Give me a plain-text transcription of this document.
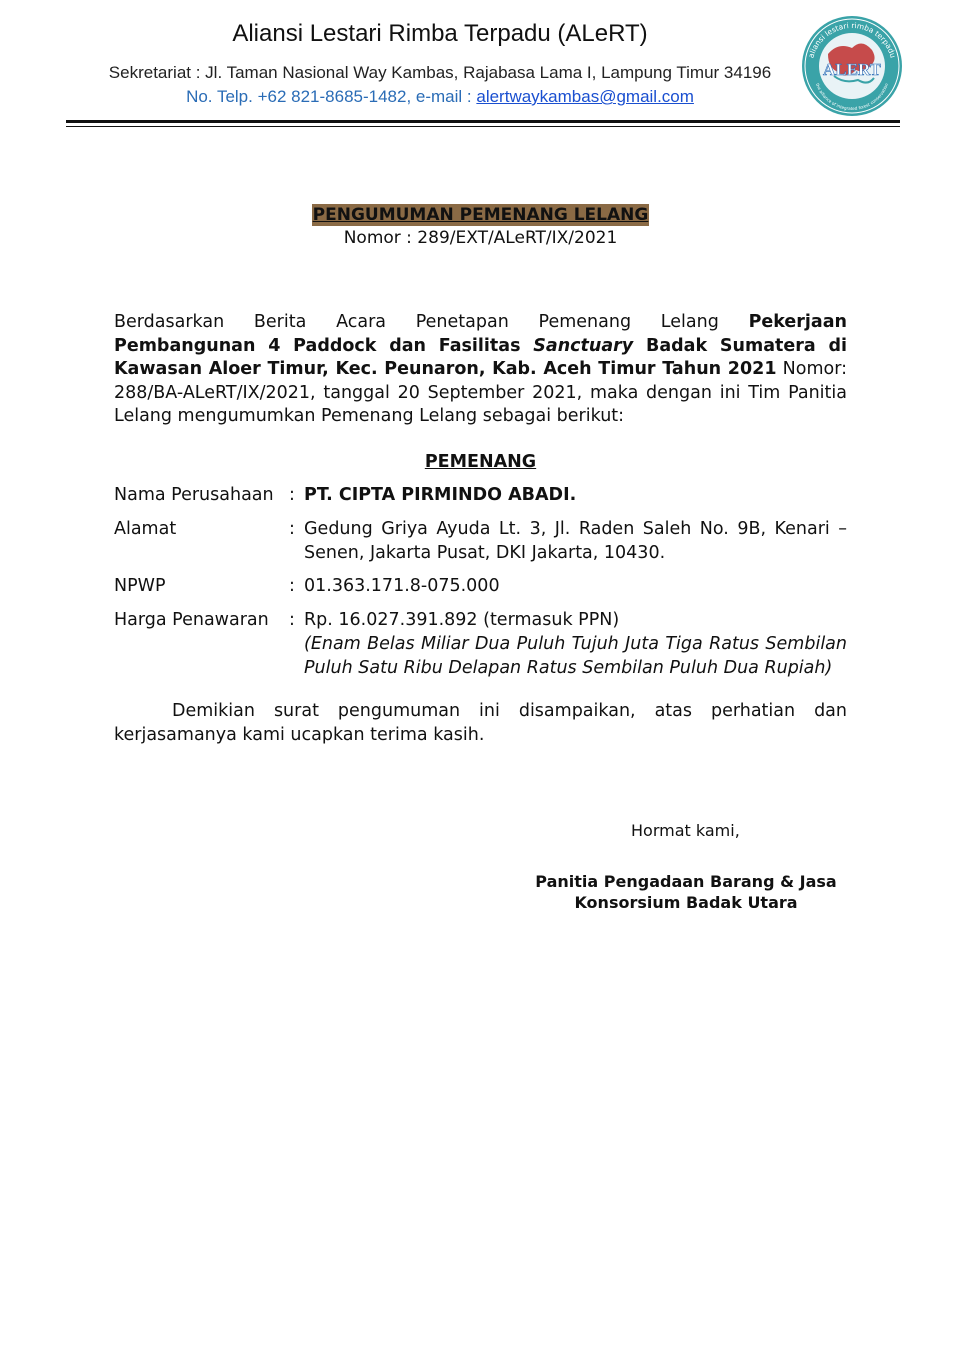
Aliansi Lestari Rimba Terpadu (ALeRT)
Sekretariat : Jl. Taman Nasional Way Kambas, Rajabasa Lama I, Lampung Timur 34196
No. Telp. +62 821-8685-1482, e-mail : alertwaykambas@gmail.com
ALERT
aliansi lestari rimba terpadu
the alliance of integrated forest conservation
PENGUMUMAN PEMENANG LELANG
Nomor : 289/EXT/ALeRT/IX/2021
Berdasarkan Berita Acara Penetapan Pemenang Lelang Pekerjaan Pembangunan 4 Paddock dan Fasilitas Sanctuary Badak Sumatera di Kawasan Aloer Timur, Kec. Peunaron, Kab. Aceh Timur Tahun 2021 Nomor: 288/BA-ALeRT/IX/2021, tanggal 20 September 2021, maka dengan ini Tim Panitia Lelang mengumumkan Pemenang Lelang sebagai berikut:
PEMENANG
Nama Perusahaan : PT. CIPTA PIRMINDO ABADI.
Alamat	: Gedung Griya Ayuda Lt. 3, Jl. Raden Saleh No. 9B, Kenari – Senen, Jakarta Pusat, DKI Jakarta, 10430.
NPWP	: 01.363.171.8-075.000
Harga Penawaran	: Rp. 16.027.391.892 (termasuk PPN)
(Enam Belas Miliar Dua Puluh Tujuh Juta Tiga Ratus Sembilan Puluh Satu Ribu Delapan Ratus Sembilan Puluh Dua Rupiah)
Demikian surat pengumuman ini disampaikan, atas perhatian dan kerjasamanya kami ucapkan terima kasih.
Hormat kami,
Panitia Pengadaan Barang & Jasa
Konsorsium Badak Utara
